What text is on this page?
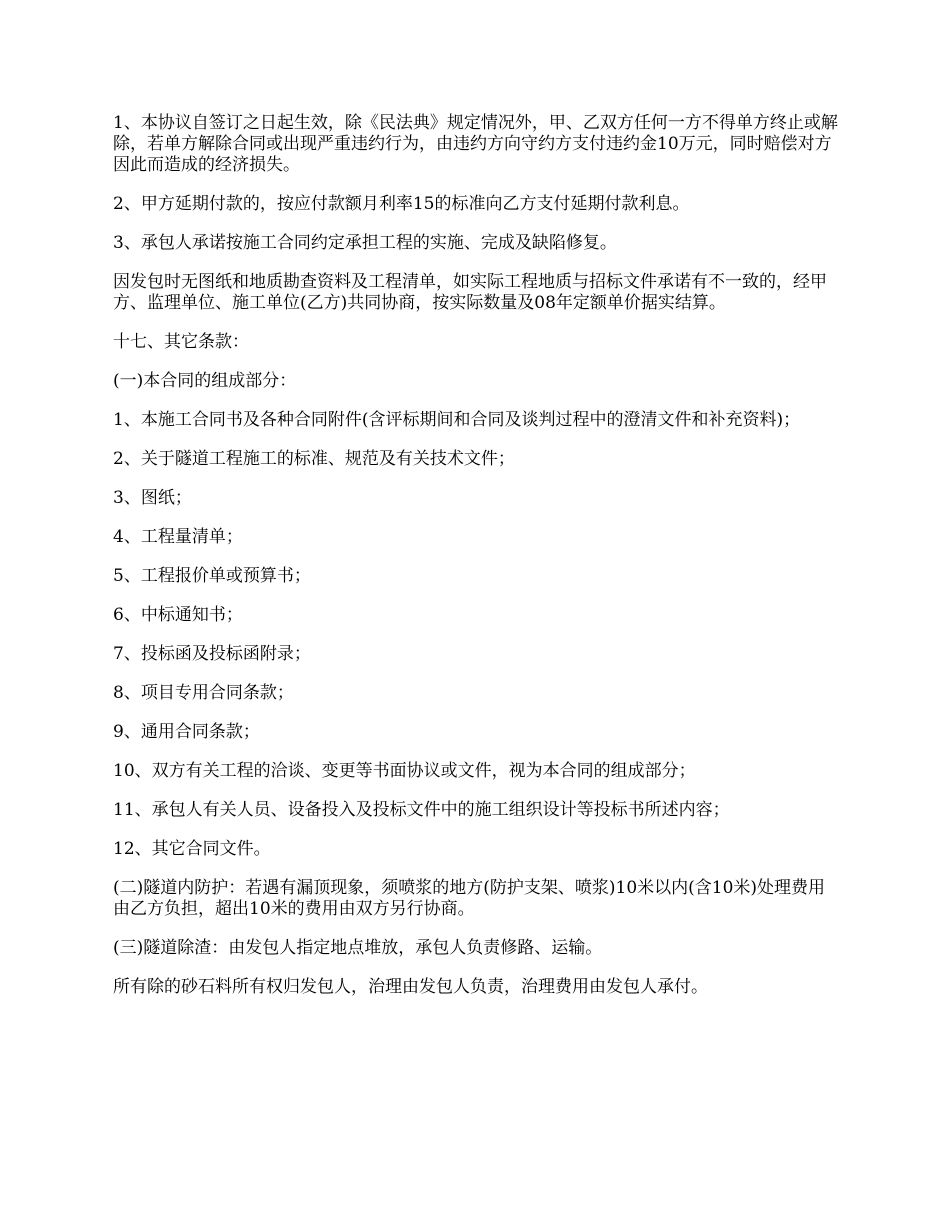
1、本协议自签订之日起生效，除《民法典》规定情况外，甲、乙双方任何一方不得单方终止或解除，若单方解除合同或出现严重违约行为，由违约方向守约方支付违约金10万元，同时赔偿对方因此而造成的经济损失。

2、甲方延期付款的，按应付款额月利率15的标准向乙方支付延期付款利息。

3、承包人承诺按施工合同约定承担工程的实施、完成及缺陷修复。

因发包时无图纸和地质勘查资料及工程清单，如实际工程地质与招标文件承诺有不一致的，经甲方、监理单位、施工单位(乙方)共同协商，按实际数量及08年定额单价据实结算。

十七、其它条款：

(一)本合同的组成部分：

1、本施工合同书及各种合同附件(含评标期间和合同及谈判过程中的澄清文件和补充资料)；

2、关于隧道工程施工的标准、规范及有关技术文件；

3、图纸；

4、工程量清单；

5、工程报价单或预算书；

6、中标通知书；

7、投标函及投标函附录；

8、项目专用合同条款；

9、通用合同条款；

10、双方有关工程的洽谈、变更等书面协议或文件，视为本合同的组成部分；

11、承包人有关人员、设备投入及投标文件中的施工组织设计等投标书所述内容；

12、其它合同文件。

(二)隧道内防护：若遇有漏顶现象，须喷浆的地方(防护支架、喷浆)10米以内(含10米)处理费用由乙方负担，超出10米的费用由双方另行协商。

(三)隧道除渣：由发包人指定地点堆放，承包人负责修路、运输。

所有除的砂石料所有权归发包人，治理由发包人负责，治理费用由发包人承付。
